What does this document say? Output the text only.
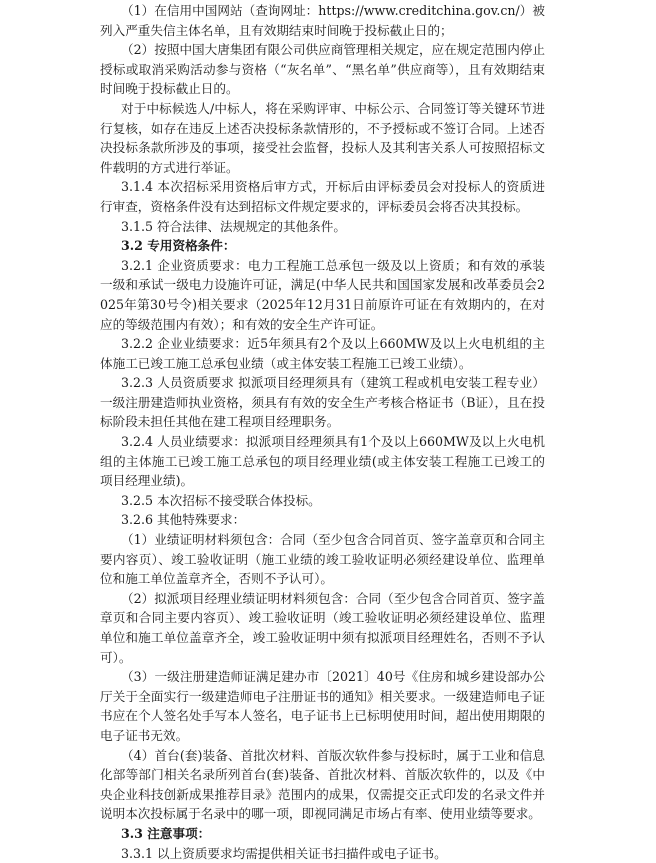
（1）在信用中国网站（查询网址：https://www.creditchina.gov.cn/）被列入严重失信主体名单，且有效期结束时间晚于投标截止日的；

（2）按照中国大唐集团有限公司供应商管理相关规定，应在规定范围内停止授标或取消采购活动参与资格（“灰名单”、“黑名单”供应商等），且有效期结束时间晚于投标截止日的。

对于中标候选人/中标人，将在采购评审、中标公示、合同签订等关键环节进行复核，如存在违反上述否决投标条款情形的，不予授标或不签订合同。上述否决投标条款所涉及的事项，接受社会监督，投标人及其利害关系人可按照招标文件载明的方式进行举证。

3.1.4 本次招标采用资格后审方式，开标后由评标委员会对投标人的资质进行审查，资格条件没有达到招标文件规定要求的，评标委员会将否决其投标。

3.1.5 符合法律、法规规定的其他条件。

3.2 专用资格条件：

3.2.1 企业资质要求：电力工程施工总承包一级及以上资质；和有效的承装一级和承试一级电力设施许可证，满足(中华人民共和国国家发展和改革委员会2025年第30号令)相关要求（2025年12月31日前原许可证在有效期内的，在对应的等级范围内有效）；和有效的安全生产许可证。

3.2.2 企业业绩要求：近5年须具有2个及以上660MW及以上火电机组的主体施工已竣工施工总承包业绩（或主体安装工程施工已竣工业绩）。

3.2.3 人员资质要求 拟派项目经理须具有（建筑工程或机电安装工程专业）一级注册建造师执业资格，须具有有效的安全生产考核合格证书（B证），且在投标阶段未担任其他在建工程项目经理职务。

3.2.4 人员业绩要求：拟派项目经理须具有1个及以上660MW及以上火电机组的主体施工已竣工施工总承包的项目经理业绩(或主体安装工程施工已竣工的项目经理业绩)。

3.2.5 本次招标不接受联合体投标。

3.2.6 其他特殊要求：

（1）业绩证明材料须包含：合同（至少包含合同首页、签字盖章页和合同主要内容页）、竣工验收证明（施工业绩的竣工验收证明必须经建设单位、监理单位和施工单位盖章齐全，否则不予认可）。

（2）拟派项目经理业绩证明材料须包含：合同（至少包含合同首页、签字盖章页和合同主要内容页）、竣工验收证明（竣工验收证明必须经建设单位、监理单位和施工单位盖章齐全，竣工验收证明中须有拟派项目经理姓名，否则不予认可）。

（3）一级注册建造师证满足建办市〔2021〕40号《住房和城乡建设部办公厅关于全面实行一级建造师电子注册证书的通知》相关要求。一级建造师电子证书应在个人签名处手写本人签名，电子证书上已标明使用时间，超出使用期限的电子证书无效。

（4）首台(套)装备、首批次材料、首版次软件参与投标时，属于工业和信息化部等部门相关名录所列首台(套)装备、首批次材料、首版次软件的，以及《中央企业科技创新成果推荐目录》范围内的成果，仅需提交正式印发的名录文件并说明本次投标属于名录中的哪一项，即视同满足市场占有率、使用业绩等要求。

3.3 注意事项：

3.3.1 以上资质要求均需提供相关证书扫描件或电子证书。
